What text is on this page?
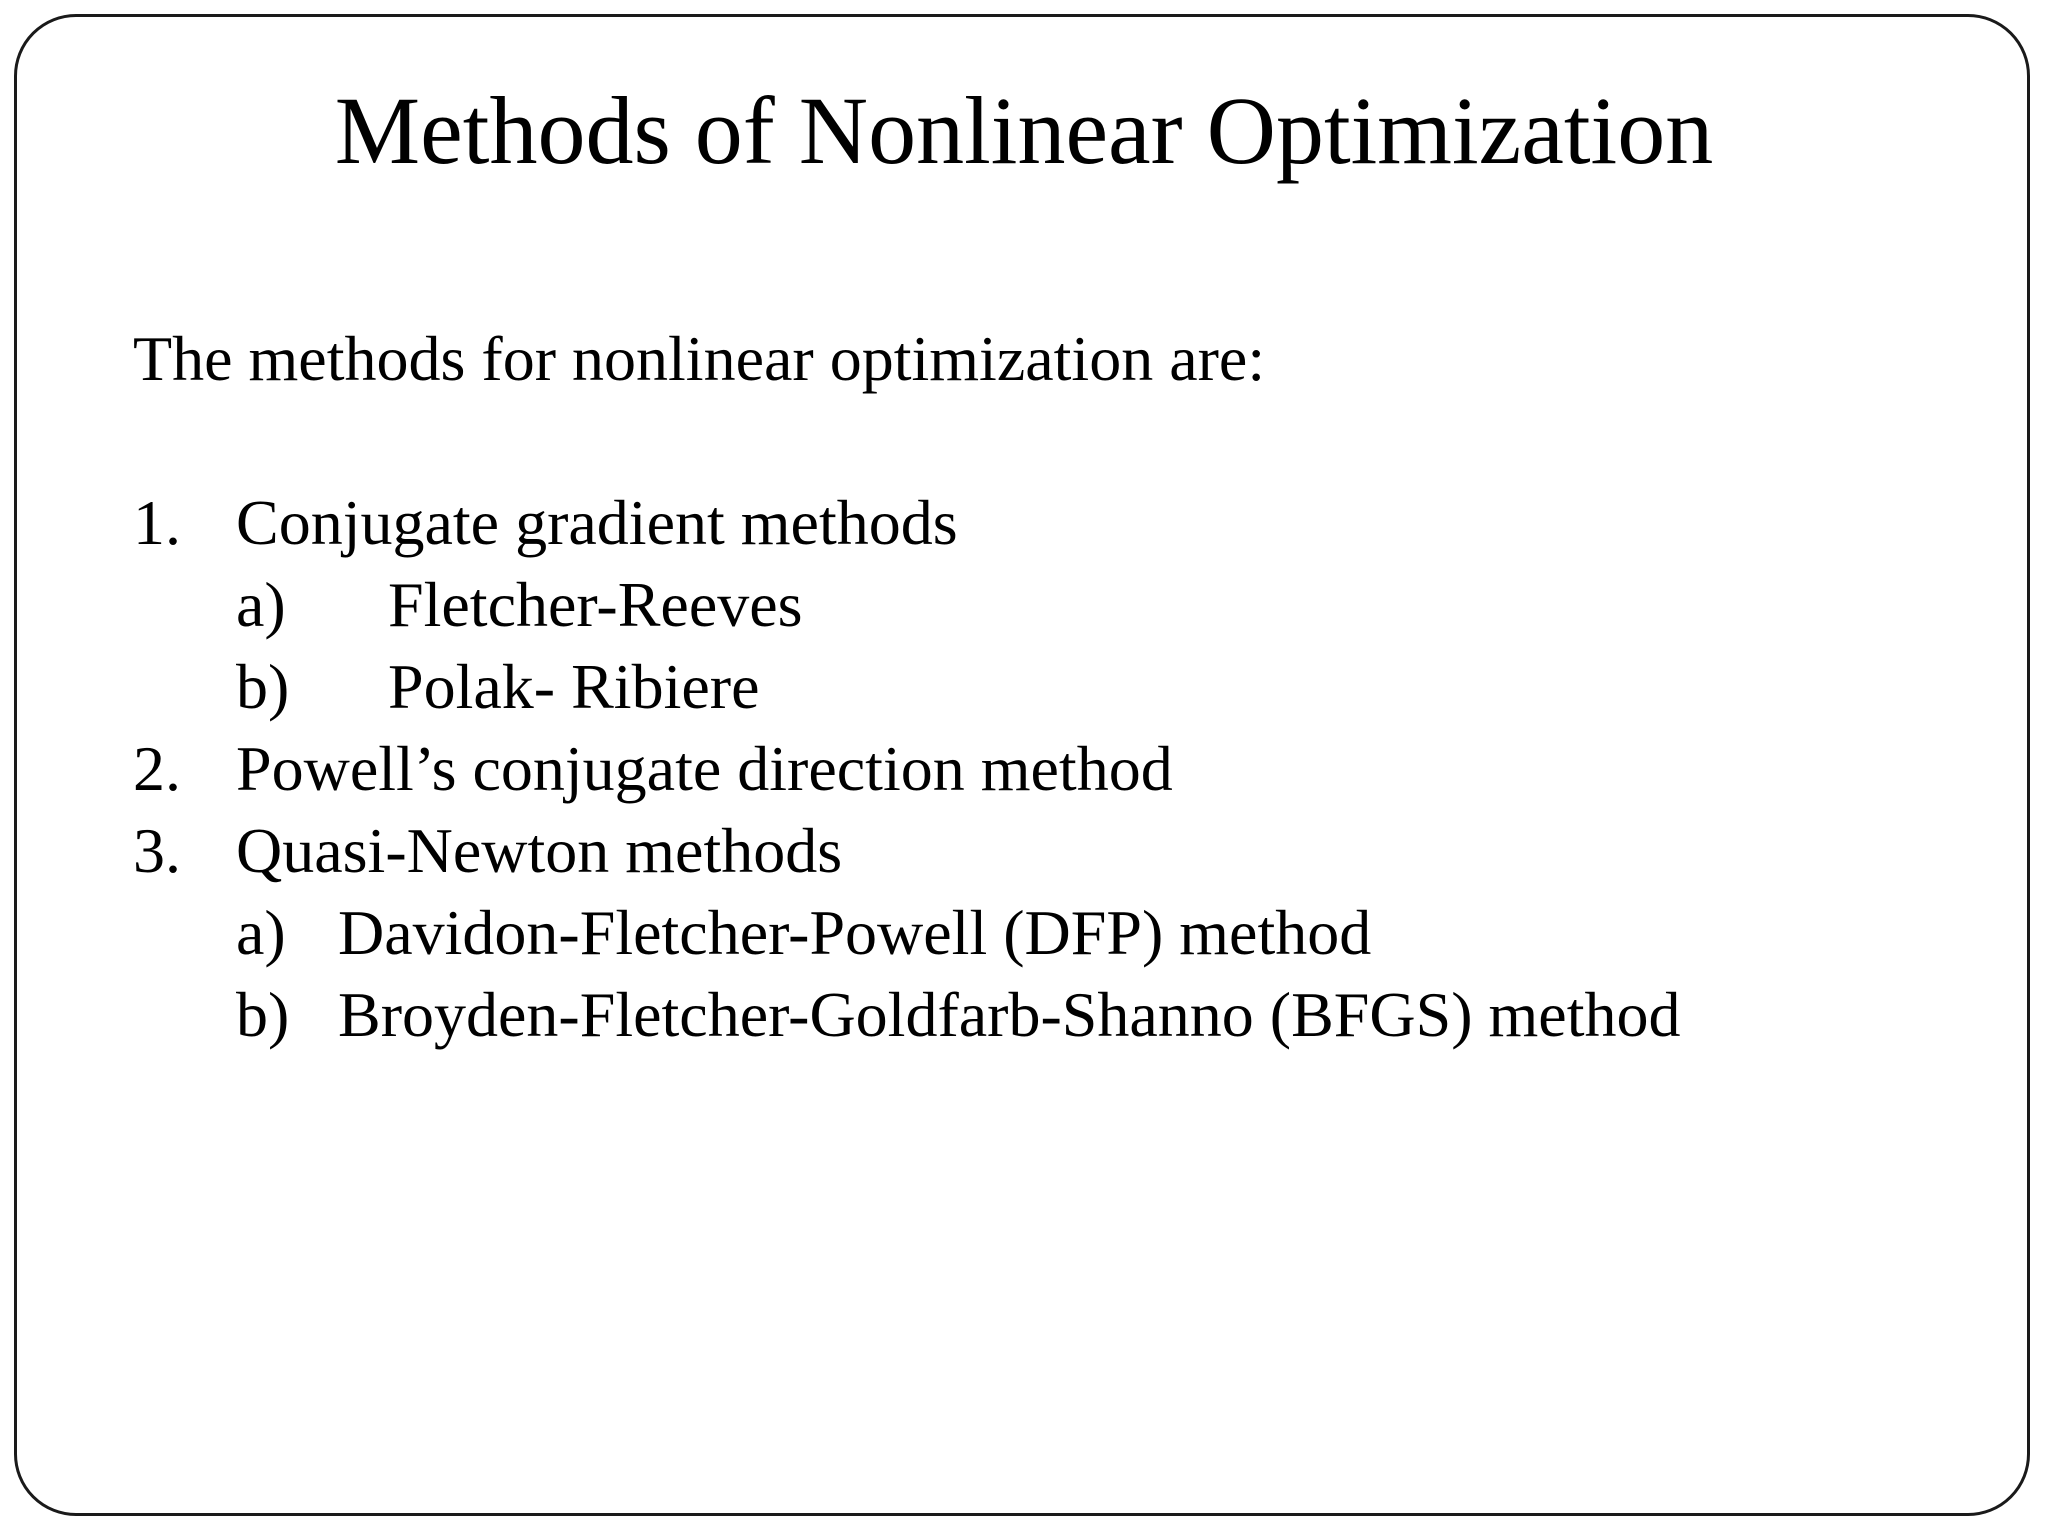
Methods of Nonlinear Optimization
The methods for nonlinear optimization are:
1. Conjugate gradient methods
a) Fletcher-Reeves
b) Polak- Ribiere
2. Powell’s conjugate direction method
3. Quasi-Newton methods
a) Davidon-Fletcher-Powell (DFP) method
b) Broyden-Fletcher-Goldfarb-Shanno (BFGS) method
